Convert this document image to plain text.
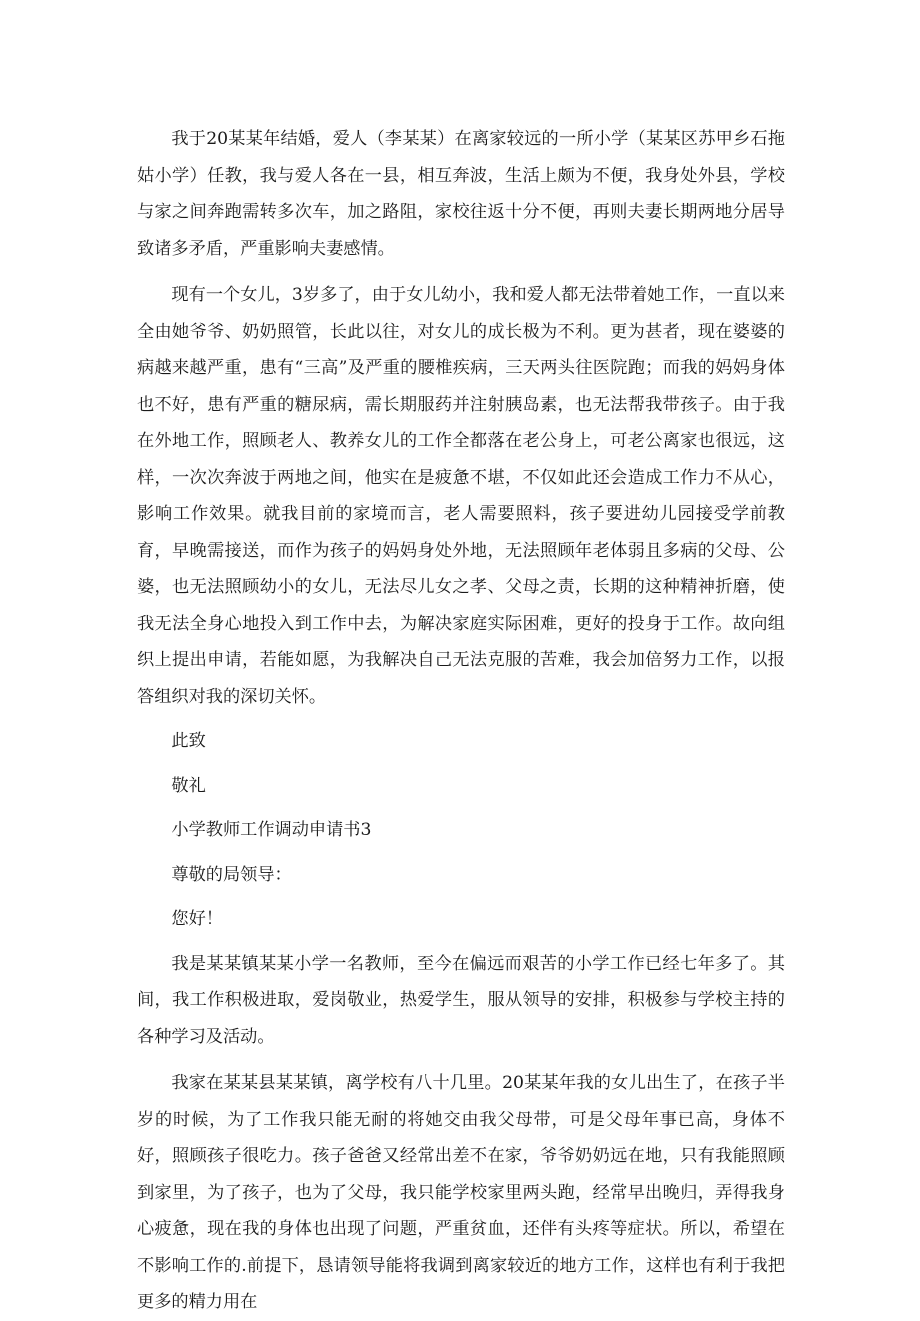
我于20某某年结婚，爱人（李某某）在离家较远的一所小学（某某区苏甲乡石拖姑小学）任教，我与爱人各在一县，相互奔波，生活上颇为不便，我身处外县，学校与家之间奔跑需转多次车，加之路阻，家校往返十分不便，再则夫妻长期两地分居导致诸多矛盾，严重影响夫妻感情。

现有一个女儿，3岁多了，由于女儿幼小，我和爱人都无法带着她工作，一直以来全由她爷爷、奶奶照管，长此以往，对女儿的成长极为不利。更为甚者，现在婆婆的病越来越严重，患有“三高”及严重的腰椎疾病，三天两头往医院跑；而我的妈妈身体也不好，患有严重的糖尿病，需长期服药并注射胰岛素，也无法帮我带孩子。由于我在外地工作，照顾老人、教养女儿的工作全都落在老公身上，可老公离家也很远，这样，一次次奔波于两地之间，他实在是疲惫不堪，不仅如此还会造成工作力不从心，影响工作效果。就我目前的家境而言，老人需要照料，孩子要进幼儿园接受学前教育，早晚需接送，而作为孩子的妈妈身处外地，无法照顾年老体弱且多病的父母、公婆，也无法照顾幼小的女儿，无法尽儿女之孝、父母之责，长期的这种精神折磨，使我无法全身心地投入到工作中去，为解决家庭实际困难，更好的投身于工作。故向组织上提出申请，若能如愿，为我解决自己无法克服的苦难，我会加倍努力工作，以报答组织对我的深切关怀。

此致

敬礼

小学教师工作调动申请书3

尊敬的局领导：

您好！

我是某某镇某某小学一名教师，至今在偏远而艰苦的小学工作已经七年多了。其间，我工作积极进取，爱岗敬业，热爱学生，服从领导的安排，积极参与学校主持的各种学习及活动。

我家在某某县某某镇，离学校有八十几里。20某某年我的女儿出生了，在孩子半岁的时候，为了工作我只能无耐的将她交由我父母带，可是父母年事已高，身体不好，照顾孩子很吃力。孩子爸爸又经常出差不在家，爷爷奶奶远在地，只有我能照顾到家里，为了孩子，也为了父母，我只能学校家里两头跑，经常早出晚归，弄得我身心疲惫，现在我的身体也出现了问题，严重贫血，还伴有头疼等症状。所以，希望在不影响工作的.前提下，恳请领导能将我调到离家较近的地方工作，这样也有利于我把更多的精力用在
